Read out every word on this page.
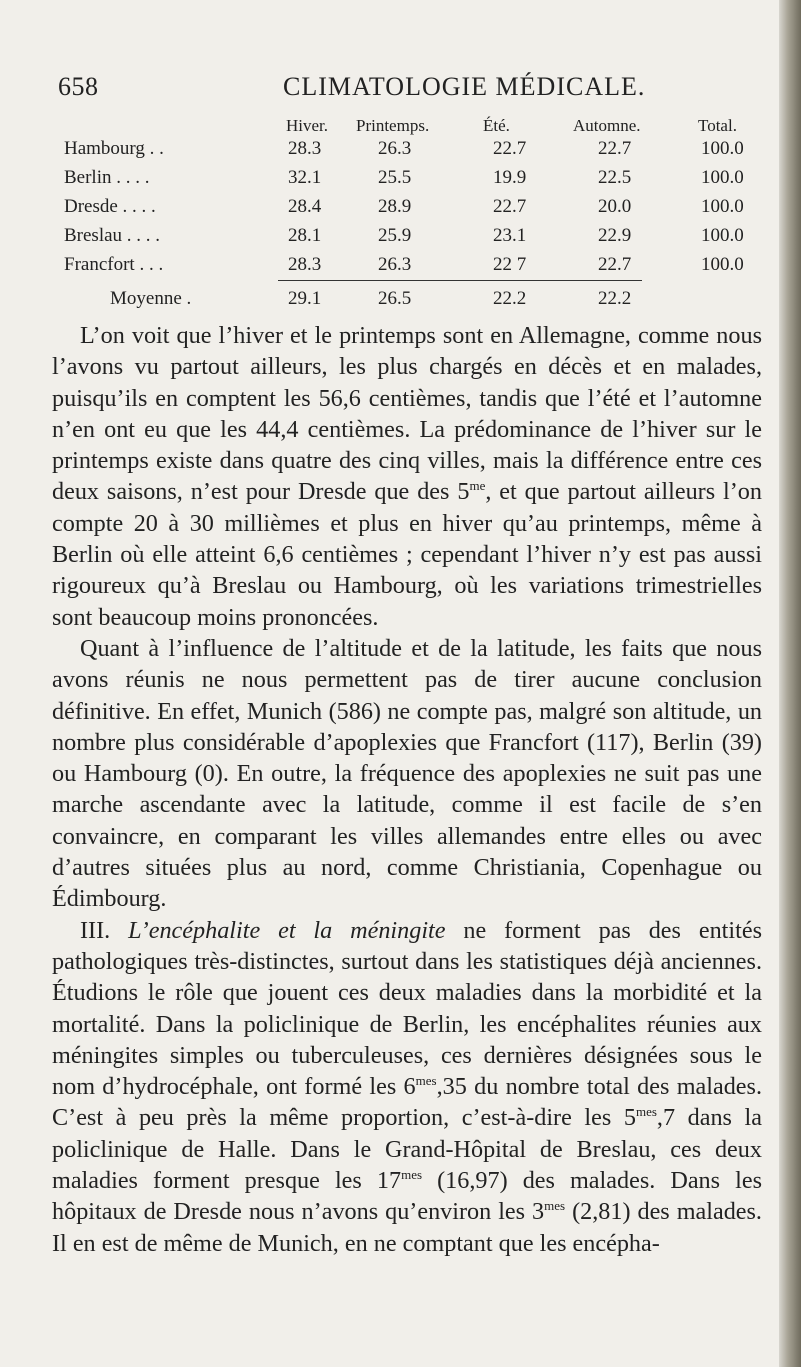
658	CLIMATOLOGIE MÉDICALE.
Hiver. Printemps.	Été.	Automne.	Total.
Hambourg . .	28.3	26.3	22.7	22.7	100.0
Berlin . . . .	32.1	25.5	19.9	22.5	100.0
Dresde . . . .	28.4	28.9	22.7	20.0	100.0
Breslau . . . .	28.1	25.9	23.1	22.9	100.0
Francfort . . .	28.3	26.3	22 7	22.7	100.0
Moyenne .	29.1	26.5	22.2	22.2

L’on voit que l’hiver et le printemps sont en Allemagne, comme nous l’avons vu partout ailleurs, les plus chargés en décès et en malades, puisqu’ils en comptent les 56,6 centièmes, tandis que l’été et l’automne n’en ont eu que les 44,4 centièmes. La prédominance de l’hiver sur le printemps existe dans quatre des cinq villes, mais la différence entre ces deux saisons, n’est pour Dresde que des $5^{me}$, et que partout ailleurs l’on compte 20 à 30 millièmes et plus en hiver qu’au printemps, même à Berlin où elle atteint 6,6 centièmes ; cependant l’hiver n’y est pas aussi rigoureux qu’à Breslau ou Hambourg, où les variations trimestrielles sont beaucoup moins prononcées.

Quant à l’influence de l’altitude et de la latitude, les faits que nous avons réunis ne nous permettent pas de tirer aucune conclusion définitive. En effet, Munich (586) ne compte pas, malgré son altitude, un nombre plus considérable d’apoplexies que Francfort (117), Berlin (39) ou Hambourg (0). En outre, la fréquence des apoplexies ne suit pas une marche ascendante avec la latitude, comme il est facile de s’en convaincre, en comparant les villes allemandes entre elles ou avec d’autres situées plus au nord, comme Christiania, Copenhague ou Édimbourg.

III. L’encéphalite et la méningite ne forment pas des entités pathologiques très-distinctes, surtout dans les statistiques déjà anciennes. Étudions le rôle que jouent ces deux maladies dans la morbidité et la mortalité. Dans la policlinique de Berlin, les encéphalites réunies aux méningites simples ou tuberculeuses, ces dernières désignées sous le nom d’hydrocéphale, ont formé les $6^{mes},35$ du nombre total des malades. C’est à peu près la même proportion, c’est-à-dire les $5^{mes},7$ dans la policlinique de Halle. Dans le Grand-Hôpital de Breslau, ces deux maladies forment presque les $17^{mes}$ (16,97) des malades. Dans les hôpitaux de Dresde nous n’avons qu’environ les $3^{mes}$ (2,81) des malades. Il en est de même de Munich, en ne comptant que les encépha-
